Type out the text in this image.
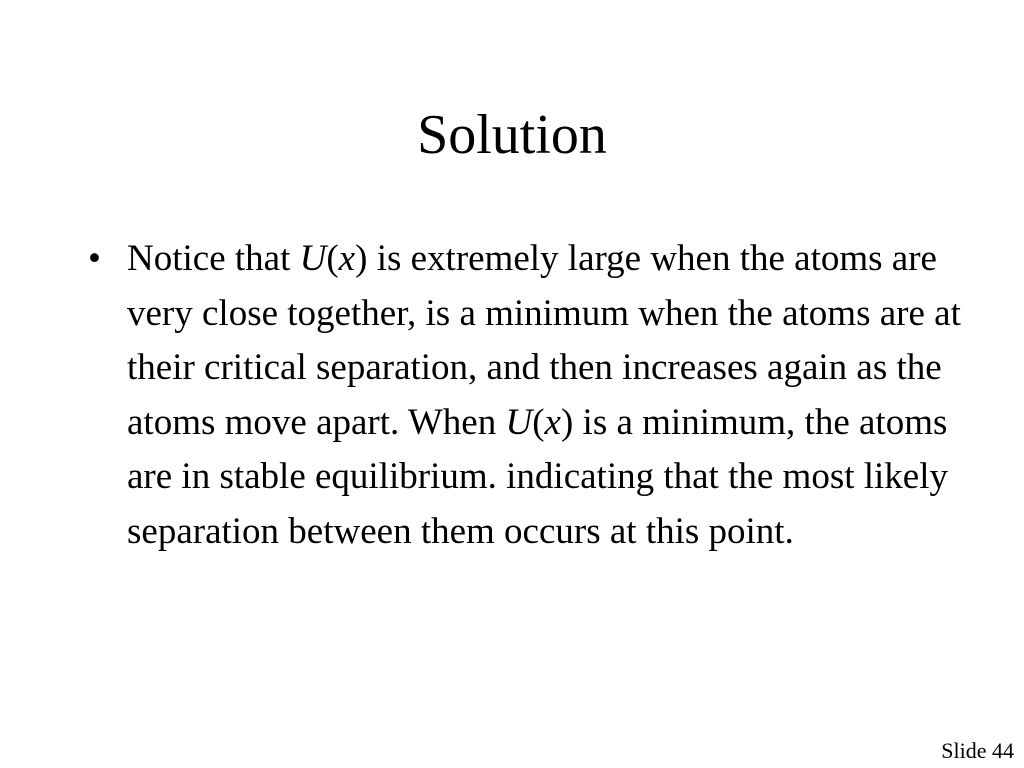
Solution
• Notice that U(x) is extremely large when the atoms are very close together, is a minimum when the atoms are at their critical separation, and then increases again as the atoms move apart. When U(x) is a minimum, the atoms are in stable equilibrium. indicating that the most likely separation between them occurs at this point.
Slide 44
